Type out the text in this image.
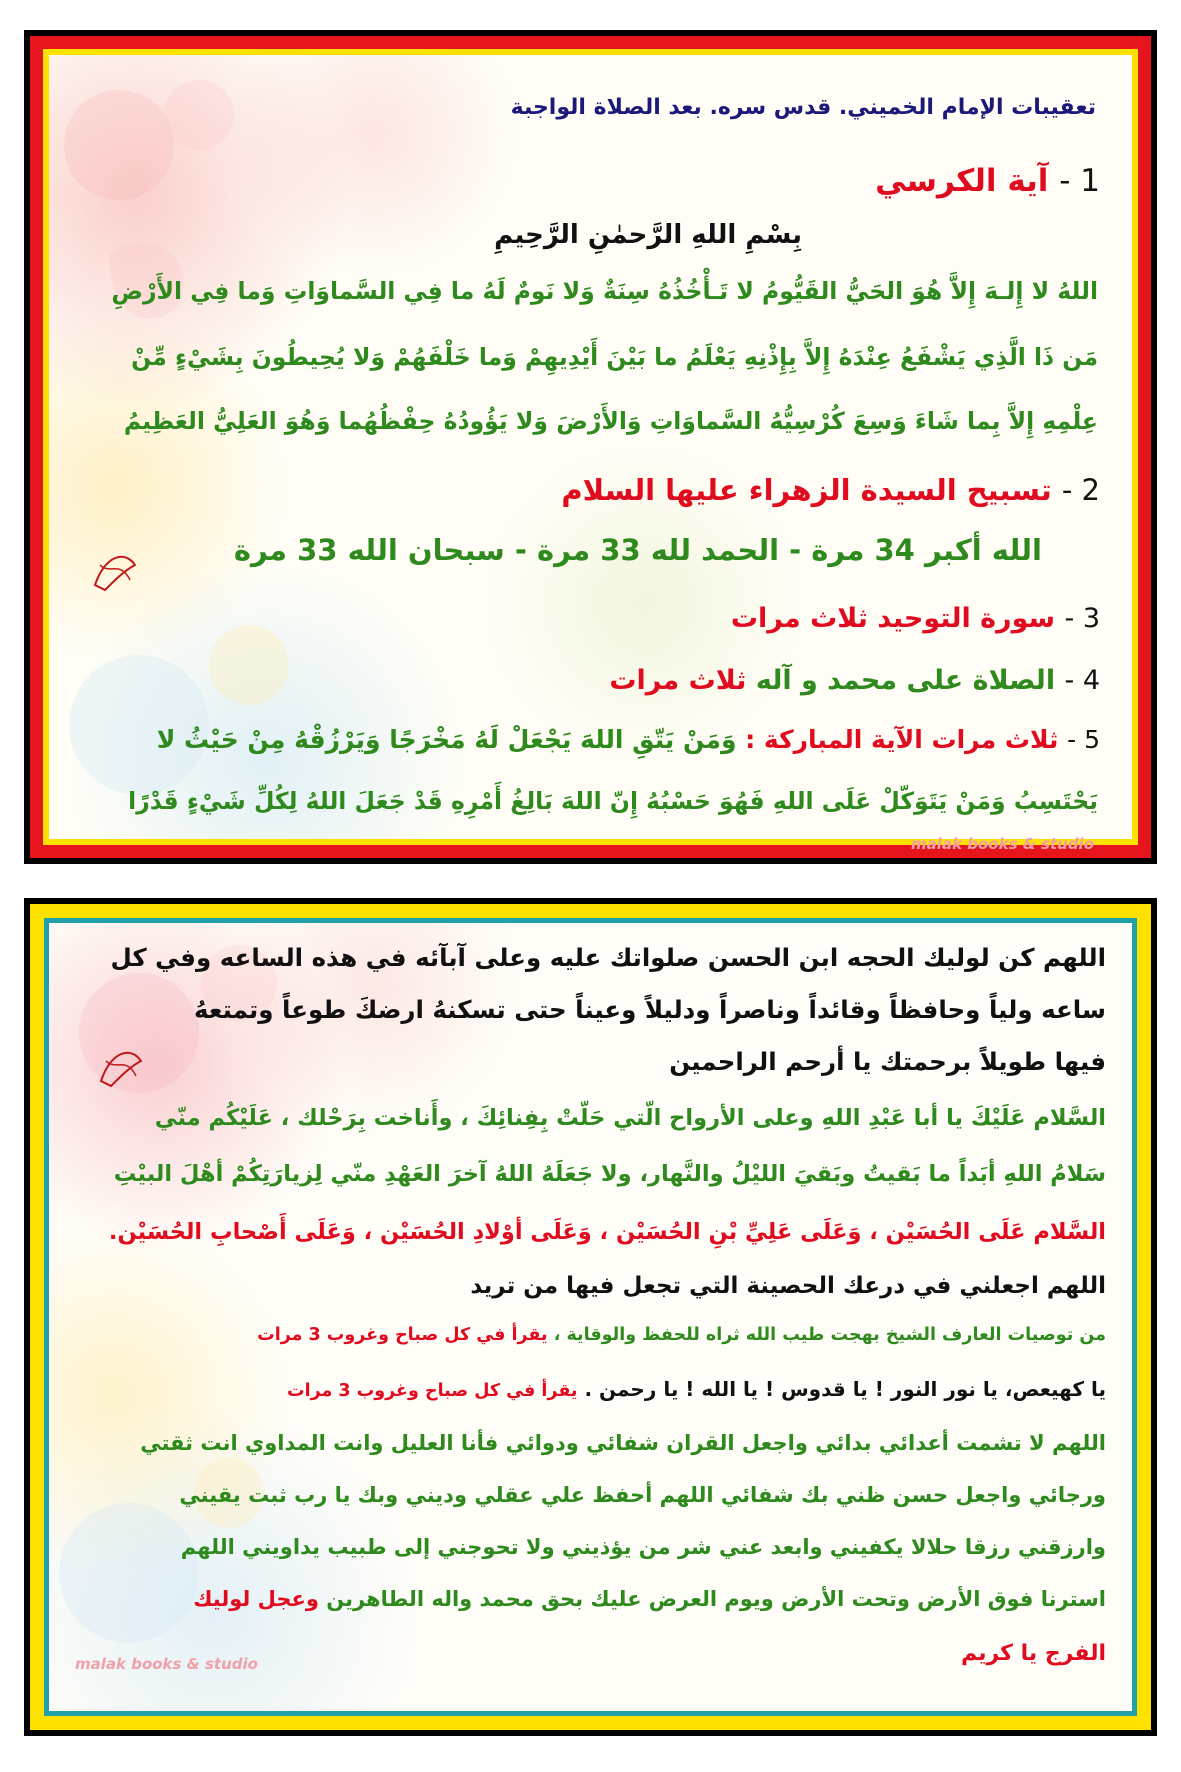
تعقيبات الإمام الخميني. قدس سره. بعد الصلاة الواجبة
1 - آية الكرسي
بِسْمِ اللهِ الرَّحمٰنِ الرَّحِيمِ
اللهُ لا إِلـهَ إِلاَّ هُوَ الحَيُّ القَيُّومُ لا تَـأْخُذُهُ سِنَةٌ وَلا نَومٌ لَهُ ما فِي السَّماوَاتِ وَما فِي الأَرْضِ
مَن ذَا الَّذِي يَشْفَعُ عِنْدَهُ إِلاَّ بِإِذْنِهِ يَعْلَمُ ما بَيْنَ أَيْدِيهِمْ وَما خَلْفَهُمْ وَلا يُحِيطُونَ بِشَيْءٍ مِّنْ
عِلْمِهِ إِلاَّ بِما شَاءَ وَسِعَ كُرْسِيُّهُ السَّماوَاتِ وَالأَرْضَ وَلا يَؤُودُهُ حِفْظُهُما وَهُوَ العَلِيُّ العَظِيمُ
2 - تسبيح السيدة الزهراء عليها السلام
الله أكبر 34 مرة - الحمد لله 33 مرة - سبحان الله 33 مرة
3 - سورة التوحيد ثلاث مرات
4 - الصلاة على محمد و آله ثلاث مرات
5 - ثلاث مرات الآية المباركة : وَمَنْ يَتّقِ اللهَ يَجْعَلْ لَهُ مَخْرَجًا وَيَرْزُقْهُ مِنْ حَيْثُ لا
يَحْتَسِبُ وَمَنْ يَتَوَكّلْ عَلَى اللهِ فَهُوَ حَسْبُهُ إِنّ اللهَ بَالِغُ أَمْرِهِ قَدْ جَعَلَ اللهُ لِكُلِّ شَيْءٍ قَدْرًا
malak books & studio
اللهم كن لوليك الحجه ابن الحسن صلواتك عليه وعلى آبآئه في هذه الساعه وفي كل
ساعه ولياً وحافظاً وقائداً وناصراً ودليلاً وعيناً حتى تسكنهُ ارضكَ طوعاً وتمتعهُ
فيها طويلاً برحمتك يا أرحم الراحمين
السَّلام عَلَيْكَ يا أبا عَبْدِ اللهِ وعلى الأرواح الّتي حَلّتْ بِفِنائِكَ ، وأَناخت بِرَحْلك ، عَلَيْكُم منّي
سَلامُ اللهِ أبَداً ما بَقيتُ وبَقيَ الليْلُ والنَّهار، ولا جَعَلَهُ اللهُ آخرَ العَهْدِ منّي لِزيارَتِكُمْ أهْلَ البيْتِ
السَّلام عَلَى الحُسَيْن ، وَعَلَى عَلِيِّ بْنِ الحُسَيْن ، وَعَلَى أوْلادِ الحُسَيْن ، وَعَلَى أَصْحابِ الحُسَيْن.
اللهم اجعلني في درعك الحصينة التي تجعل فيها من تريد
من توصيات العارف الشيخ بهجت طيب الله ثراه للحفظ والوقاية ، يقرأ في كل صباح وغروب 3 مرات
يا كهيعص، يا نور النور ! يا قدوس ! يا الله ! يا رحمن . يقرأ في كل صباح وغروب 3 مرات
اللهم لا تشمت أعدائي بدائي واجعل القران شفائي ودوائي فأنا العليل وانت المداوي انت ثقتي
ورجائي واجعل حسن ظني بك شفائي اللهم أحفظ علي عقلي وديني وبك يا رب ثبت يقيني
وارزقني رزقا حلالا يكفيني وابعد عني شر من يؤذيني ولا تحوجني إلى طبيب يداويني اللهم
استرنا فوق الأرض وتحت الأرض ويوم العرض عليك بحق محمد واله الطاهرين وعجل لوليك
الفرج يا كريم
malak books & studio
